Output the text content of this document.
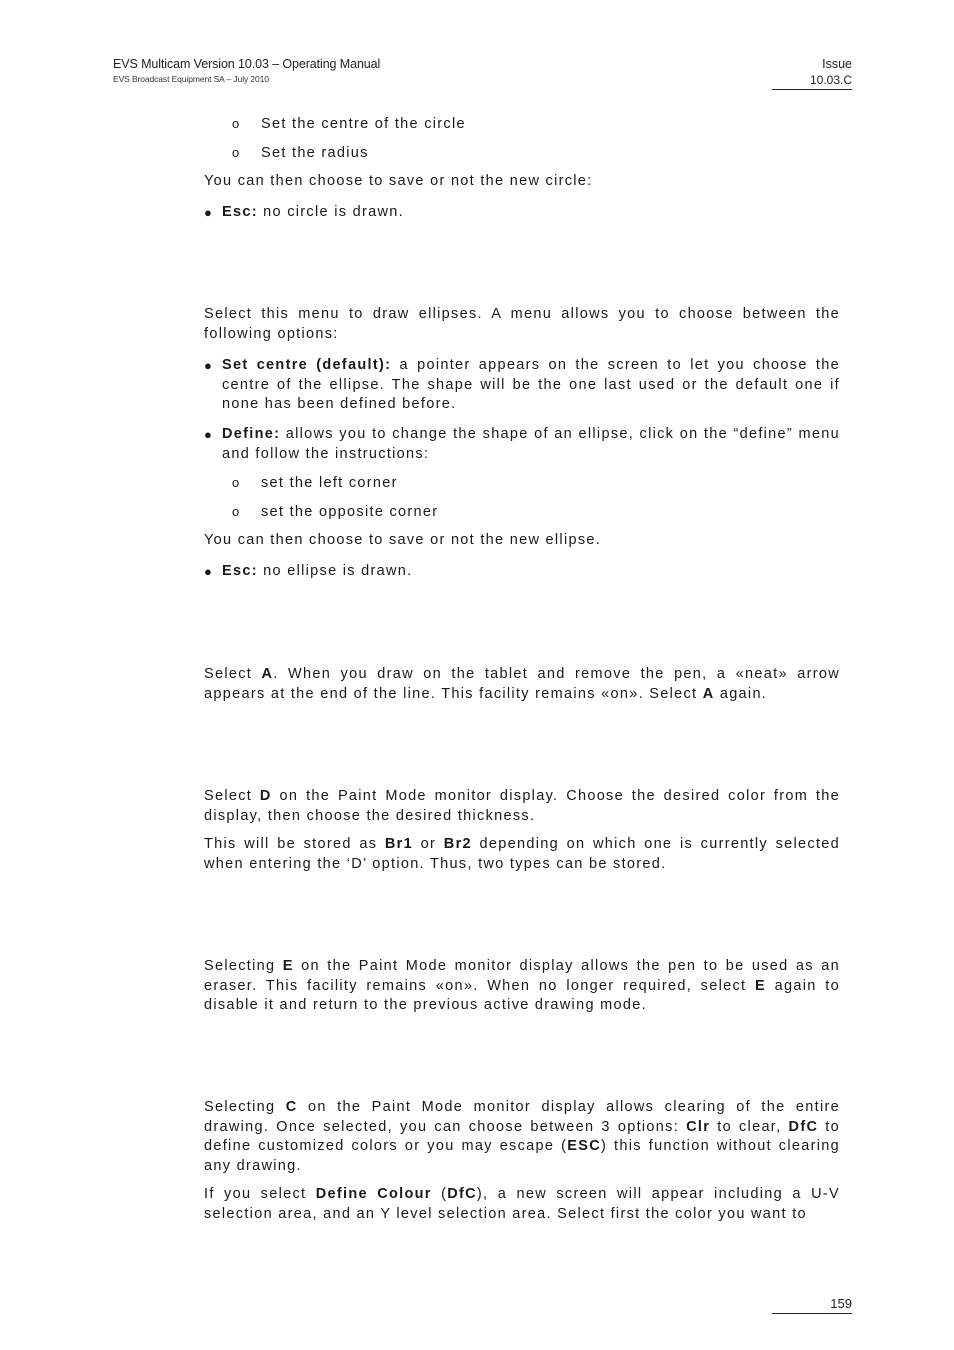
EVS Multicam Version 10.03 – Operating Manual
EVS Broadcast Equipment SA – July 2010
Issue
10.03.C
o Set the centre of the circle
o Set the radius
You can then choose to save or not the new circle:
● Esc: no circle is drawn.
Select this menu to draw ellipses. A menu allows you to choose between the following options:
● Set centre (default): a pointer appears on the screen to let you choose the centre of the ellipse. The shape will be the one last used or the default one if none has been defined before.
● Define: allows you to change the shape of an ellipse, click on the “define” menu and follow the instructions:
o set the left corner
o set the opposite corner
You can then choose to save or not the new ellipse.
● Esc: no ellipse is drawn.
Select A. When you draw on the tablet and remove the pen, a «neat» arrow appears at the end of the line. This facility remains «on». Select A again.
Select D on the Paint Mode monitor display. Choose the desired color from the display, then choose the desired thickness.
This will be stored as Br1 or Br2 depending on which one is currently selected when entering the ‘D’ option. Thus, two types can be stored.
Selecting E on the Paint Mode monitor display allows the pen to be used as an eraser. This facility remains «on». When no longer required, select E again to disable it and return to the previous active drawing mode.
Selecting C on the Paint Mode monitor display allows clearing of the entire drawing. Once selected, you can choose between 3 options: Clr to clear, DfC to define customized colors or you may escape (ESC) this function without clearing any drawing.
If you select Define Colour (DfC), a new screen will appear including a U-V selection area, and an Y level selection area. Select first the color you want to
159
